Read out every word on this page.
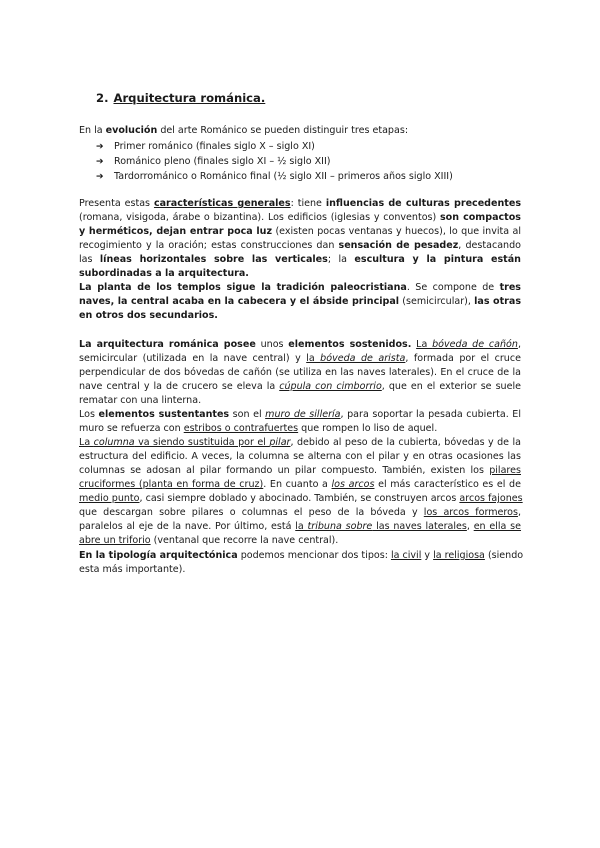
2. Arquitectura románica.
En la evolución del arte Románico se pueden distinguir tres etapas:
➔ Primer románico (finales siglo X – siglo XI)
➔ Románico pleno (finales siglo XI – ½ siglo XII)
➔ Tardorrománico o Románico final (½ siglo XII – primeros años siglo XIII)
Presenta estas características generales: tiene influencias de culturas precedentes
(romana, visigoda, árabe o bizantina). Los edificios (iglesias y conventos) son compactos
y herméticos, dejan entrar poca luz (existen pocas ventanas y huecos), lo que invita al
recogimiento y la oración; estas construcciones dan sensación de pesadez, destacando
las líneas horizontales sobre las verticales; la escultura y la pintura están
subordinadas a la arquitectura.
La planta de los templos sigue la tradición paleocristiana. Se compone de tres
naves, la central acaba en la cabecera y el ábside principal (semicircular), las otras
en otros dos secundarios.
La arquitectura románica posee unos elementos sostenidos. La bóveda de cañón,
semicircular (utilizada en la nave central) y la bóveda de arista, formada por el cruce
perpendicular de dos bóvedas de cañón (se utiliza en las naves laterales). En el cruce de la
nave central y la de crucero se eleva la cúpula con cimborrio, que en el exterior se suele
rematar con una linterna.
Los elementos sustentantes son el muro de sillería, para soportar la pesada cubierta. El
muro se refuerza con estribos o contrafuertes que rompen lo liso de aquel.
La columna va siendo sustituida por el pilar, debido al peso de la cubierta, bóvedas y de la
estructura del edificio. A veces, la columna se alterna con el pilar y en otras ocasiones las
columnas se adosan al pilar formando un pilar compuesto. También, existen los pilares
cruciformes (planta en forma de cruz). En cuanto a los arcos el más característico es el de
medio punto, casi siempre doblado y abocinado. También, se construyen arcos arcos fajones
que descargan sobre pilares o columnas el peso de la bóveda y los arcos formeros,
paralelos al eje de la nave. Por último, está la tribuna sobre las naves laterales, en ella se
abre un triforio (ventanal que recorre la nave central).
En la tipología arquitectónica podemos mencionar dos tipos: la civil y la religiosa (siendo
esta más importante).
